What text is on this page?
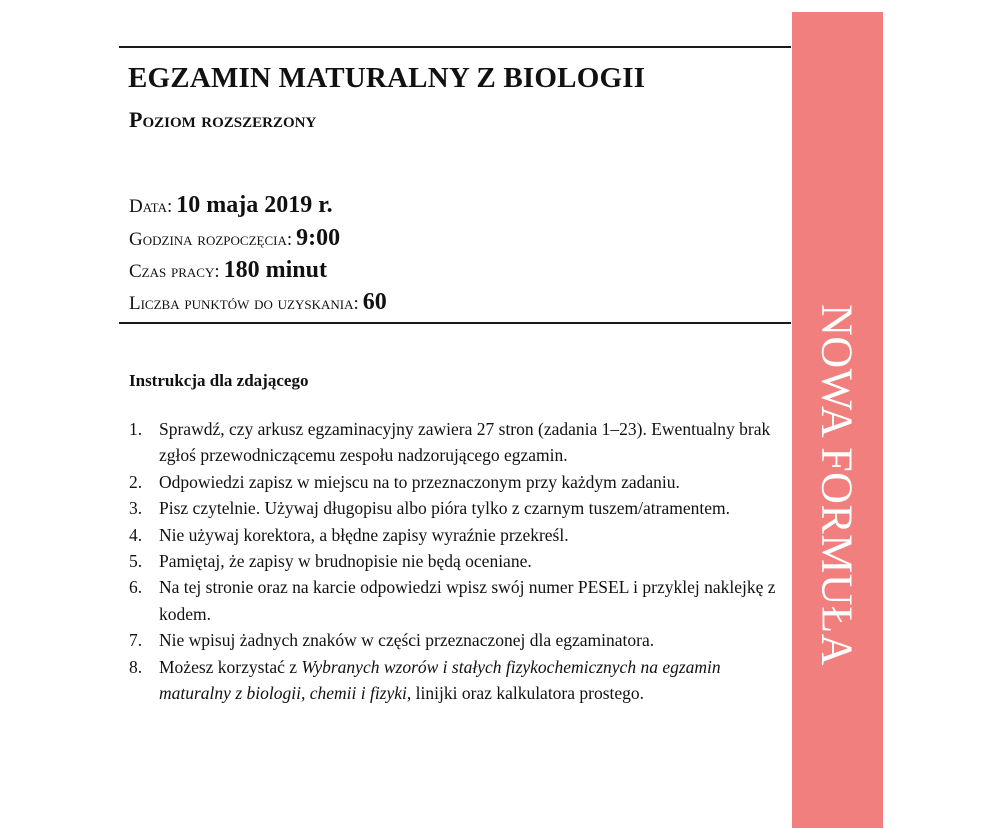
EGZAMIN MATURALNY Z BIOLOGII
Poziom rozszerzony
Data: 10 maja 2019 r.
Godzina rozpoczęcia: 9:00
Czas pracy: 180 minut
Liczba punktów do uzyskania: 60
Instrukcja dla zdającego
1. Sprawdź, czy arkusz egzaminacyjny zawiera 27 stron (zadania 1–23). Ewentualny brak zgłoś przewodniczącemu zespołu nadzorującego egzamin.
2. Odpowiedzi zapisz w miejscu na to przeznaczonym przy każdym zadaniu.
3. Pisz czytelnie. Używaj długopisu albo pióra tylko z czarnym tuszem/atramentem.
4. Nie używaj korektora, a błędne zapisy wyraźnie przekreśl.
5. Pamiętaj, że zapisy w brudnopisie nie będą oceniane.
6. Na tej stronie oraz na karcie odpowiedzi wpisz swój numer PESEL i przyklej naklejkę z kodem.
7. Nie wpisuj żadnych znaków w części przeznaczonej dla egzaminatora.
8. Możesz korzystać z Wybranych wzorów i stałych fizykochemicznych na egzamin maturalny z biologii, chemii i fizyki, linijki oraz kalkulatora prostego.
NOWA FORMUŁA
